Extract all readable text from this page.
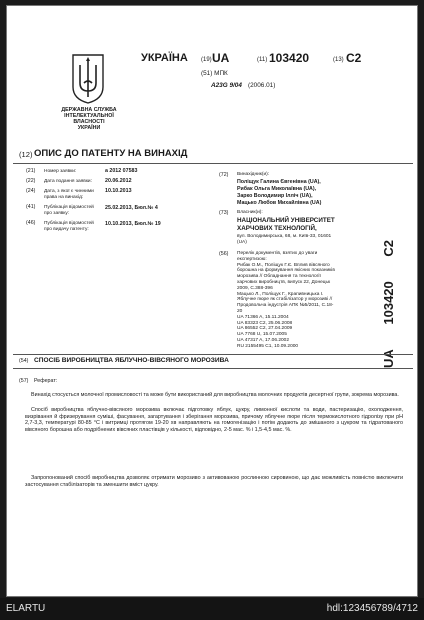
ДЕРЖАВНА СЛУЖБА
ІНТЕЛЕКТУАЛЬНОЇ
ВЛАСНОСТІ
УКРАЇНИ
УКРАЇНА (19) UA	(11) 103420	(13) C2
(51) МПК
A23G 9/04 (2006.01)
(12) ОПИС ДО ПАТЕНТУ НА ВИНАХІД
(21) Номер заявки:	a 2012 07583
(22) Дата подання заявки: 20.06.2012
(24) Дата, з якої є чинними
права на винахід:
10.10.2013
(41) Публікація відомостей
про заявку:
25.02.2013, Бюл.№ 4
(46) Публікація відомостей
про видачу патенту:
10.10.2013, Бюл.№ 19
(72) Винахідник(и):
Поліщук Галина Євгенівна (UA),
Рибак Ольга Миколаївна (UA),
Зарко Володимир Ілліч (UA),
Мацько Любов Михайлівна (UA)
(73) Власник(и):
НАЦІОНАЛЬНИЙ УНІВЕРСИТЕТ
ХАРЧОВИХ ТЕХНОЛОГІЙ,
вул. Володимирська, 68, м. Київ-33, 01601
(UA)
(56) Перелік документів, взятих до уваги
експертизою:
Рибак О.М., Поліщук Г.Є. Вплив вівсяного
борошна на формування якісних показників
морозива // Обладнання та технології
харчових виробництв, випуск 22, Донецьк
2009, С.388-396
Мацько Л., Поліщук Г., Крапивницька І.
Яблучне пюре як стабілізатор у морозиві //
Продовольча індустрія АПК №5/2011, С.18-
20
UA 71366 A, 15.11.2004
UA 83323 C2, 25.06.2008
UA 86552 C2, 27.04.2009
UA 7768 U, 15.07.2005
UA 47317 A, 17.06.2002
RU 2155495 C1, 10.09.2000
UA
103420
C2
(54) СПОСІБ ВИРОБНИЦТВА ЯБЛУЧНО-ВІВСЯНОГО МОРОЗИВА
(57) Реферат:
Винахід стосується молочної промисловості та може бути використаний для виробництва молочних продуктів десертної групи, зокрема морозива.
Спосіб виробництва яблучно-вівсяного морозива включає підготовку яблук, цукру, лимонної кислоти та води, пастеризацію, охолодження, визрівання й фризерування суміші, фасування, загартування і зберігання морозива, причому яблучне пюре після термокислотного гідролізу при pH 2,7-3,3, температурі 80-85 °C і витримці протягом 19-20 хв направляють на гомогенізацію і потім додають до змішаного з цукром та гідратованого вівсяного борошна або подрібнених вівсяних пластівців у кількості, відповідно, 2-5 мас. % і 1,5-4,5 мас. %.
Запропонований спосіб виробництва дозволяє отримати морозиво з активованою рослинною сировиною, що дає можливість повністю виключити застосування стабілізаторів та зменшити вміст цукру.
ELARTU	hdl:123456789/4712
